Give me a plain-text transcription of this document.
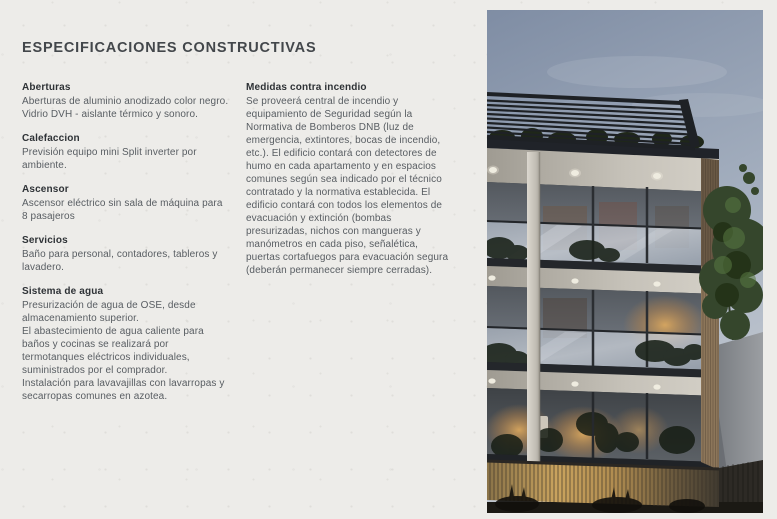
ESPECIFICACIONES CONSTRUCTIVAS
Aberturas

Aberturas de aluminio anodizado color negro. Vidrio DVH - aislante térmico y sonoro.

Calefaccion

Previsión equipo mini Split inverter por ambiente.

Ascensor

Ascensor eléctrico sin sala de máquina para 8 pasajeros

Servicios

Baño para personal, contadores, tableros y lavadero.

Sistema de agua

Presurización de agua de OSE, desde almacenamiento superior.

El abastecimiento de agua caliente para baños y cocinas se realizará por termotanques eléctricos individuales, suministrados por el comprador.

Instalación para lavavajillas con lavarropas y secarropas comunes en azotea.

Medidas contra incendio

Se proveerá central de incendio y equipamiento de Seguridad según la Normativa de Bomberos DNB (luz de emergencia, extintores, bocas de incendio, etc.). El edificio contará con detectores de humo en cada apartamento y en espacios comunes según sea indicado por el técnico contratado y la normativa establecida. El edificio contará con todos los elementos de evacuación y extinción (bombas presurizadas, nichos con mangueras y manómetros en cada piso, señalética, puertas cortafuegos para evacuación segura (deberán permanecer siempre cerradas).
